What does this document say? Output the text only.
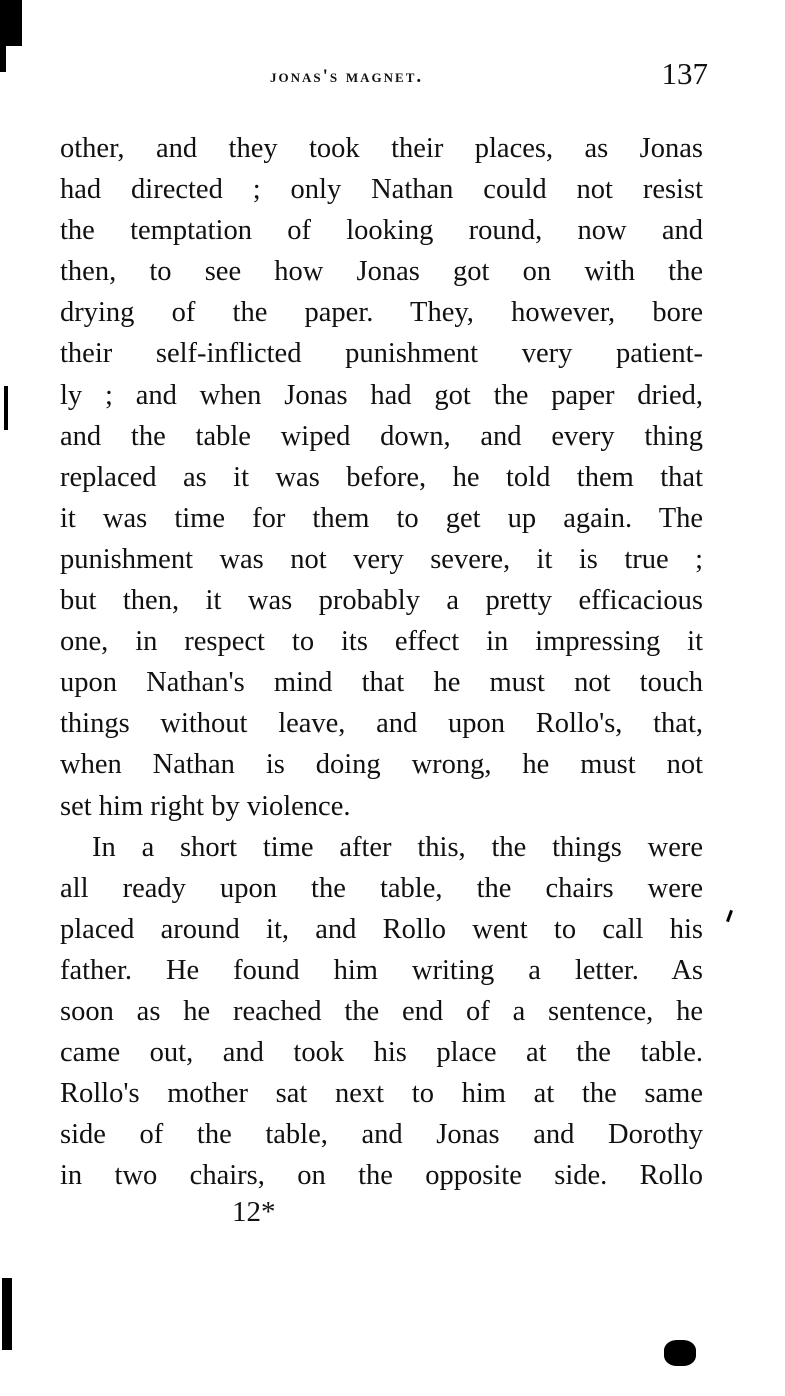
jonas's magnet.	137
other, and they took their places, as Jonas
had directed ; only Nathan could not resist
the temptation of looking round, now and
then, to see how Jonas got on with the
drying of the paper. They, however, bore
their self-inflicted punishment very patient-
ly ; and when Jonas had got the paper dried,
and the table wiped down, and every thing
replaced as it was before, he told them that
it was time for them to get up again. The
punishment was not very severe, it is true ;
but then, it was probably a pretty efficacious
one, in respect to its effect in impressing it
upon Nathan's mind that he must not touch
things without leave, and upon Rollo's, that,
when Nathan is doing wrong, he must not
set him right by violence.
In a short time after this, the things were
all ready upon the table, the chairs were
placed around it, and Rollo went to call his
father. He found him writing a letter. As
soon as he reached the end of a sentence, he
came out, and took his place at the table.
Rollo's mother sat next to him at the same
side of the table, and Jonas and Dorothy
in two chairs, on the opposite side. Rollo
12*
